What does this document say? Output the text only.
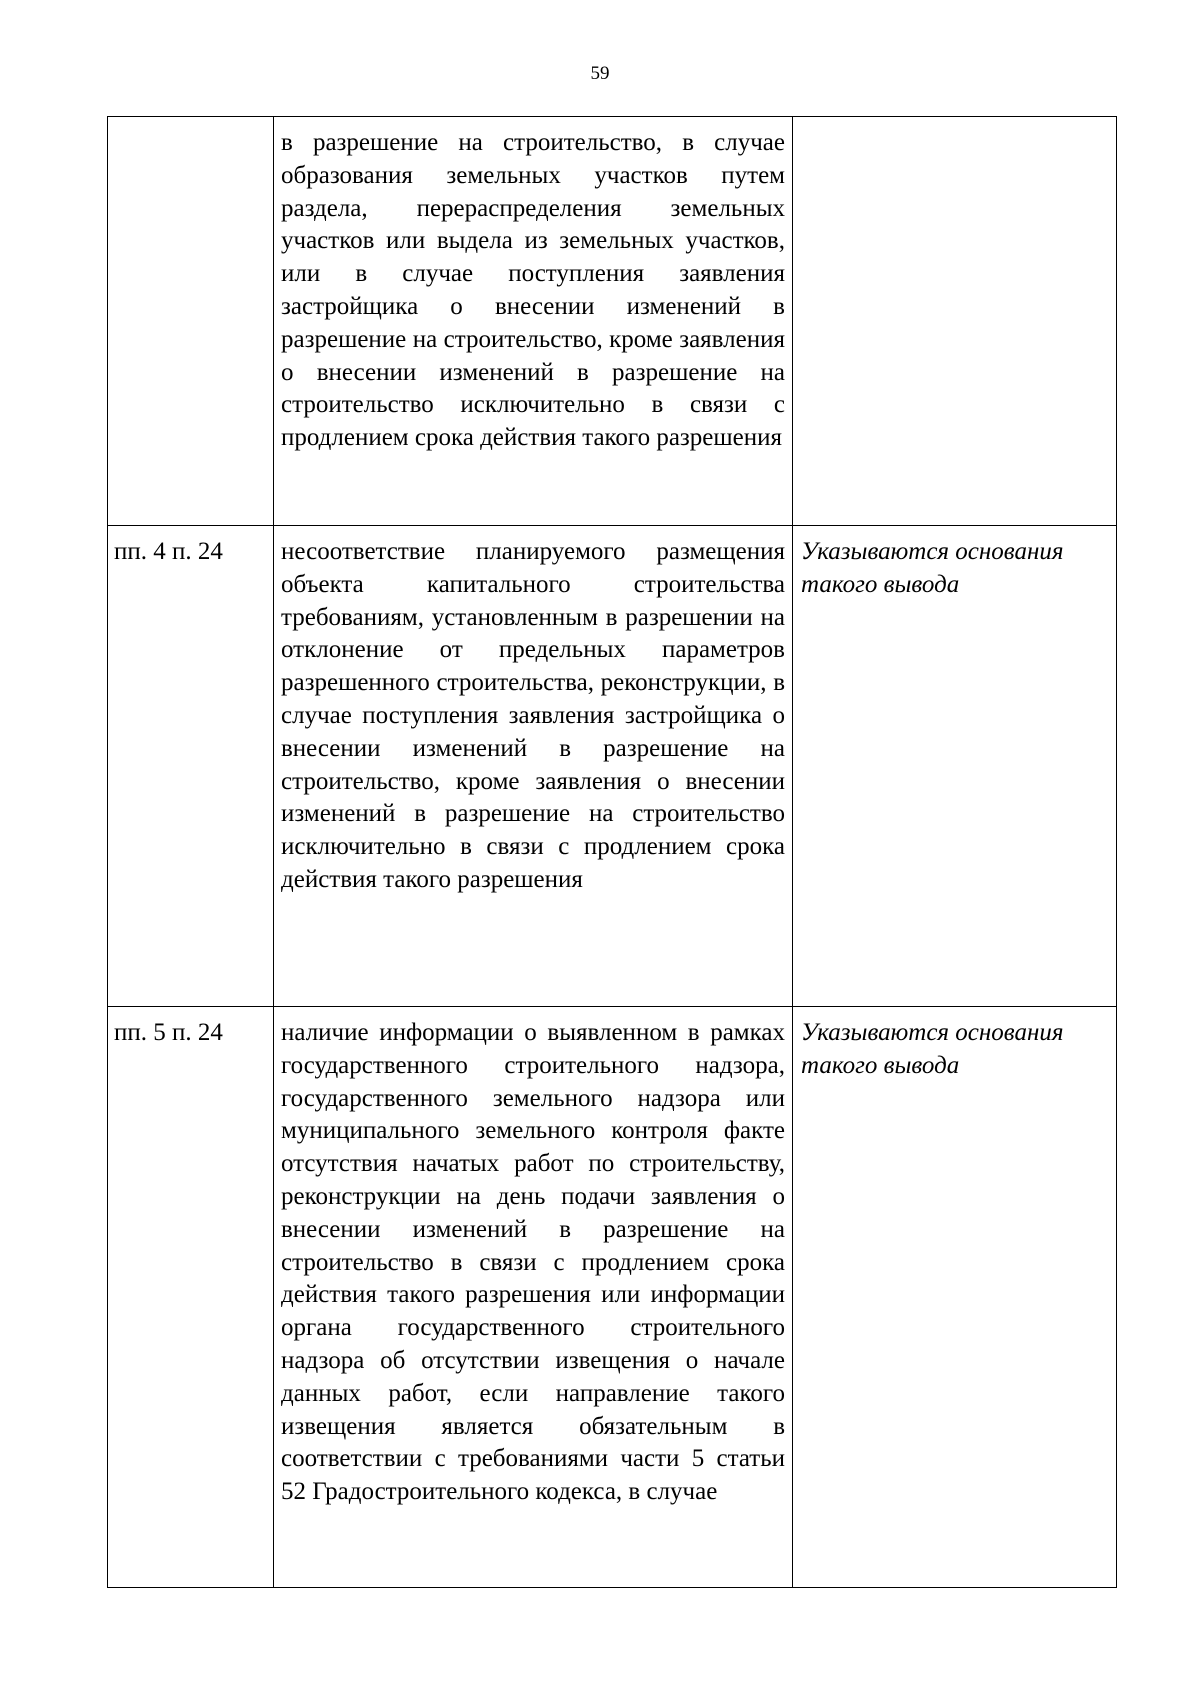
59
	в разрешение на строительство, в случае образования земельных участков путем раздела, перераспределения земельных участков или выдела из земельных участков, или в случае поступления заявления застройщика о внесении изменений в разрешение на строительство, кроме заявления о внесении изменений в разрешение на строительство исключительно в связи с продлением срока действия такого разрешения	
пп. 4 п. 24	несоответствие планируемого размещения объекта капитального строительства требованиям, установленным в разрешении на отклонение от предельных параметров разрешенного строительства, реконструкции, в случае поступления заявления застройщика о внесении изменений в разрешение на строительство, кроме заявления о внесении изменений в разрешение на строительство исключительно в связи с продлением срока действия такого разрешения	Указываются основания такого вывода
пп. 5 п. 24	наличие информации о выявленном в рамках государственного строительного надзора, государственного земельного надзора или муниципального земельного контроля факте отсутствия начатых работ по строительству, реконструкции на день подачи заявления о внесении изменений в разрешение на строительство в связи с продлением срока действия такого разрешения или информации органа государственного строительного надзора об отсутствии извещения о начале данных работ, если направление такого извещения является обязательным в соответствии с требованиями части 5 статьи 52 Градостроительного кодекса, в случае	Указываются основания такого вывода
